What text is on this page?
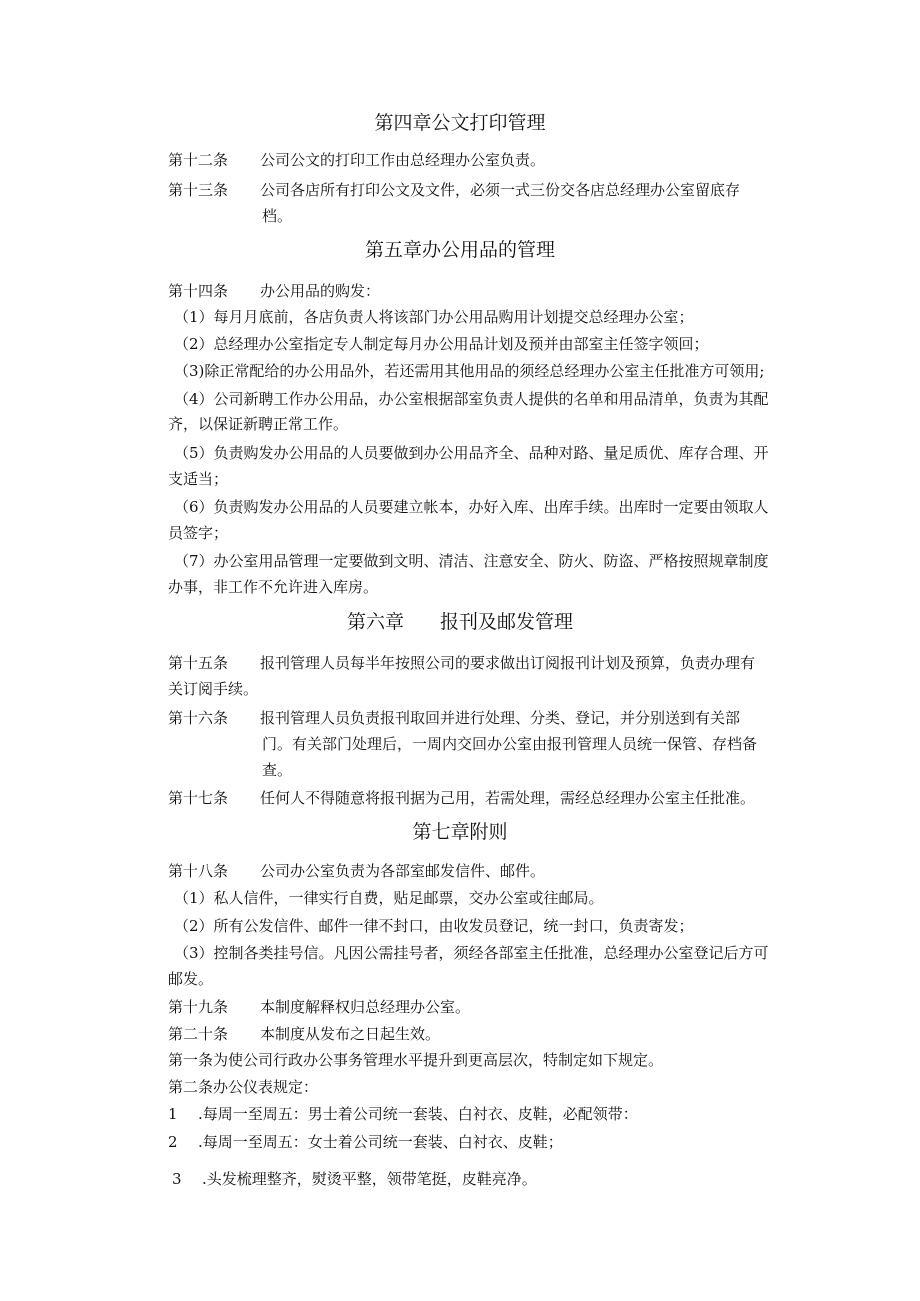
第四章公文打印管理
第十二条 公司公文的打印工作由总经理办公室负责。
第十三条 公司各店所有打印公文及文件，必须一式三份交各店总经理办公室留底存
档。
第五章办公用品的管理
第十四条 办公用品的购发：
（1）每月月底前，各店负责人将该部门办公用品购用计划提交总经理办公室；
（2）总经理办公室指定专人制定每月办公用品计划及预并由部室主任签字领回；
（3)除正常配给的办公用品外，若还需用其他用品的须经总经理办公室主任批准方可领用;
（4）公司新聘工作办公用品，办公室根据部室负责人提供的名单和用品清单，负责为其配
齐，以保证新聘正常工作。
（5）负责购发办公用品的人员要做到办公用品齐全、品种对路、量足质优、库存合理、开
支适当；
（6）负责购发办公用品的人员要建立帐本，办好入库、出库手续。出库时一定要由领取人
员签字；
（7）办公室用品管理一定要做到文明、清洁、注意安全、防火、防盗、严格按照规章制度
办事，非工作不允许进入库房。
第六章 报刊及邮发管理
第十五条 报刊管理人员每半年按照公司的要求做出订阅报刊计划及预算，负责办理有
关订阅手续。
第十六条 报刊管理人员负责报刊取回并进行处理、分类、登记，并分别送到有关部
门。有关部门处理后，一周内交回办公室由报刊管理人员统一保管、存档备
查。
第十七条 任何人不得随意将报刊据为己用，若需处理，需经总经理办公室主任批准。
第七章附则
第十八条 公司办公室负责为各部室邮发信件、邮件。
（1）私人信件，一律实行自费，贴足邮票，交办公室或往邮局。
（2）所有公发信件、邮件一律不封口，由收发员登记，统一封口，负责寄发；
（3）控制各类挂号信。凡因公需挂号者，须经各部室主任批准，总经理办公室登记后方可
邮发。
第十九条 本制度解释权归总经理办公室。
第二十条 本制度从发布之日起生效。
第一条为使公司行政办公事务管理水平提升到更高层次，特制定如下规定。
第二条办公仪表规定：
1 .每周一至周五：男士着公司统一套装、白衬衣、皮鞋，必配领带：
2 .每周一至周五：女士着公司统一套装、白衬衣、皮鞋；
3 .头发梳理整齐，熨烫平整，领带笔挺，皮鞋亮净。
